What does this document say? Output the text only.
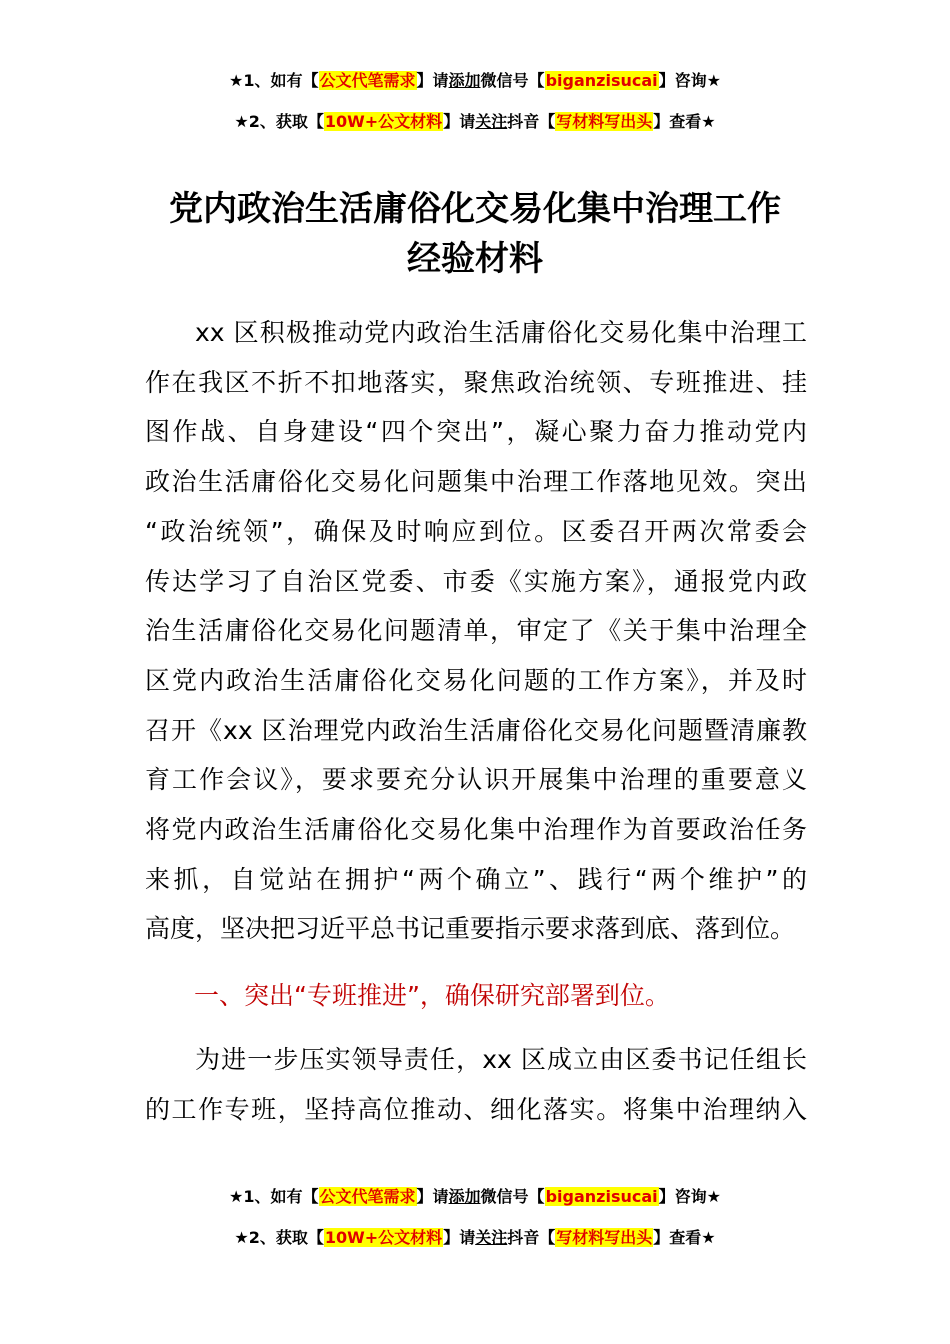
★1、如有【公文代笔需求】请添加微信号【biganzisucai】咨询★
★2、获取【10W+公文材料】请关注抖音【写材料写出头】查看★
党内政治生活庸俗化交易化集中治理工作
经验材料
xx 区积极推动党内政治生活庸俗化交易化集中治理工
作在我区不折不扣地落实，聚焦政治统领、专班推进、挂
图作战、自身建设“四个突出”，凝心聚力奋力推动党内
政治生活庸俗化交易化问题集中治理工作落地见效。突出
“政治统领”，确保及时响应到位。区委召开两次常委会
传达学习了自治区党委、市委《实施方案》，通报党内政
治生活庸俗化交易化问题清单，审定了《关于集中治理全
区党内政治生活庸俗化交易化问题的工作方案》，并及时
召开《xx 区治理党内政治生活庸俗化交易化问题暨清廉教
育工作会议》，要求要充分认识开展集中治理的重要意义
将党内政治生活庸俗化交易化集中治理作为首要政治任务
来抓，自觉站在拥护“两个确立”、践行“两个维护”的
高度，坚决把习近平总书记重要指示要求落到底、落到位。
一、突出“专班推进”，确保研究部署到位。
为进一步压实领导责任，xx 区成立由区委书记任组长
的工作专班，坚持高位推动、细化落实。将集中治理纳入
★1、如有【公文代笔需求】请添加微信号【biganzisucai】咨询★
★2、获取【10W+公文材料】请关注抖音【写材料写出头】查看★
